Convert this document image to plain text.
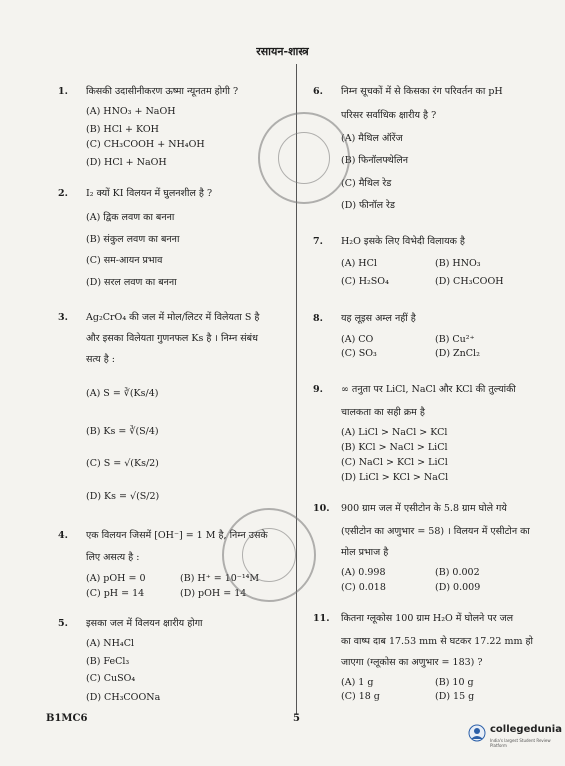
रसायन-शास्त्र
1. किसकी उदासीनीकरण ऊष्मा न्यूनतम होगी ?
(A) HNO₃ + NaOH
(B) HCl + KOH
(C) CH₃COOH + NH₄OH
(D) HCl + NaOH
2. I₂ क्यों KI विलयन में घुलनशील है ?
(A) द्विक लवण का बनना
(B) संकुल लवण का बनना
(C) सम-आयन प्रभाव
(D) सरल लवण का बनना
3. Ag₂CrO₄ की जल में मोल/लिटर में विलेयता S है
और इसका विलेयता गुणनफल Ks है । निम्न संबंध
सत्य है :
(A) S = ∛(Ks/4)
(B) Ks = ∛(S/4)
(C) S = √(Ks/2)
(D) Ks = √(S/2)
4. एक विलयन जिसमें [OH⁻] = 1 M है, निम्न उसके
लिए असत्य है :
(A) pOH = 0	(B) H⁺ = 10⁻¹⁴M
(C) pH = 14	(D) pOH = 14
5. इसका जल में विलयन क्षारीय होगा
(A) NH₄Cl
(B) FeCl₃
(C) CuSO₄
(D) CH₃COONa
6. निम्न सूचकों में से किसका रंग परिवर्तन का pH
परिसर सर्वाधिक क्षारीय है ?
(A) मैथिल ऑरेंज
(B) फिनॉलफ्थेलिन
(C) मैथिल रेड
(D) फीनॉल रेड
7. H₂O इसके लिए विभेदी विलायक है
(A) HCl	(B) HNO₃
(C) H₂SO₄	(D) CH₃COOH
8. यह लूइस अम्ल नहीं है
(A) CO	(B) Cu²⁺
(C) SO₃	(D) ZnCl₂
9. ∞ तनुता पर LiCl, NaCl और KCl की तुल्यांकी
चालकता का सही क्रम है
(A) LiCl > NaCl > KCl
(B) KCl > NaCl > LiCl
(C) NaCl > KCl > LiCl
(D) LiCl > KCl > NaCl
10. 900 ग्राम जल में एसीटोन के 5.8 ग्राम घोले गये
(एसीटोन का अणुभार = 58) । विलयन में एसीटोन का
मोल प्रभाज है
(A) 0.998	(B) 0.002
(C) 0.018	(D) 0.009
11. कितना ग्लूकोस 100 ग्राम H₂O में घोलने पर जल
का वाष्प दाब 17.53 mm से घटकर 17.22 mm हो
जाएगा (ग्लूकोस का अणुभार = 183) ?
(A) 1 g	(B) 10 g
(C) 18 g	(D) 15 g
B1MC6	5
collegedunia
India's largest Student Review Platform
